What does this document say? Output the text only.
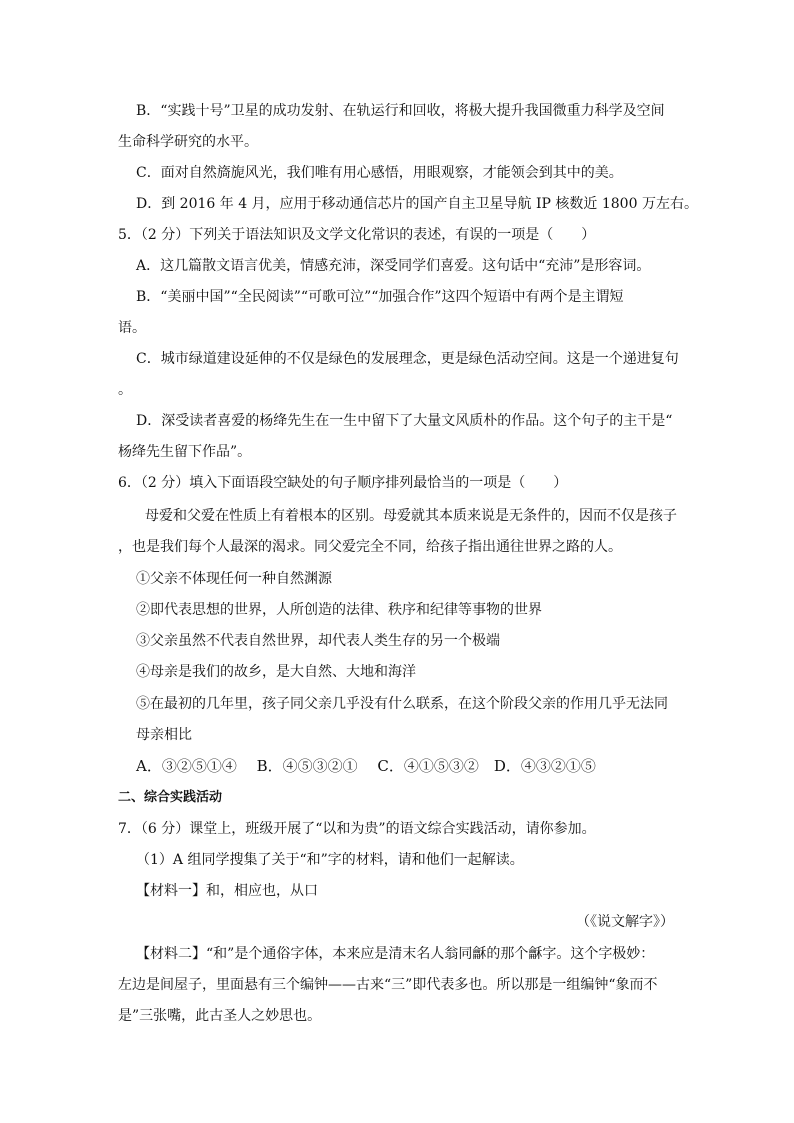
B．“实践十号”卫星的成功发射、在轨运行和回收，将极大提升我国微重力科学及空间
生命科学研究的水平。
C．面对自然旖旎风光，我们唯有用心感悟，用眼观察，才能领会到其中的美。
D．到 2016 年 4 月，应用于移动通信芯片的国产自主卫星导航 IP 核数近 1800 万左右。
5．（2 分）下列关于语法知识及文学文化常识的表述，有误的一项是（　　）
A．这几篇散文语言优美，情感充沛，深受同学们喜爱。这句话中“充沛”是形容词。
B．“美丽中国”“全民阅读”“可歌可泣”“加强合作”这四个短语中有两个是主谓短
语。
C．城市绿道建设延伸的不仅是绿色的发展理念，更是绿色活动空间。这是一个递进复句
。
D．深受读者喜爱的杨绛先生在一生中留下了大量文风质朴的作品。这个句子的主干是“
杨绛先生留下作品”。
6．（2 分）填入下面语段空缺处的句子顺序排列最恰当的一项是（　　）
母爱和父爱在性质上有着根本的区别。母爱就其本质来说是无条件的，因而不仅是孩子
，也是我们每个人最深的渴求。同父爱完全不同，给孩子指出通往世界之路的人。
①父亲不体现任何一种自然渊源
②即代表思想的世界，人所创造的法律、秩序和纪律等事物的世界
③父亲虽然不代表自然世界，却代表人类生存的另一个极端
④母亲是我们的故乡，是大自然、大地和海洋
⑤在最初的几年里，孩子同父亲几乎没有什么联系，在这个阶段父亲的作用几乎无法同
母亲相比
A．③②⑤①④　 B．④⑤③②①　 C．④①⑤③②　D．④③②①⑤
二、综合实践活动
7．（6 分）课堂上，班级开展了“以和为贵”的语文综合实践活动，请你参加。
（1）A 组同学搜集了关于“和”字的材料，请和他们一起解读。
【材料一】和，相应也，从口
（《说文解字》）
【材料二】“和”是个通俗字体，本来应是清末名人翁同龢的那个龢字。这个字极妙：
左边是间屋子，里面悬有三个编钟——古来“三”即代表多也。所以那是一组编钟“象而不
是”三张嘴，此古圣人之妙思也。
